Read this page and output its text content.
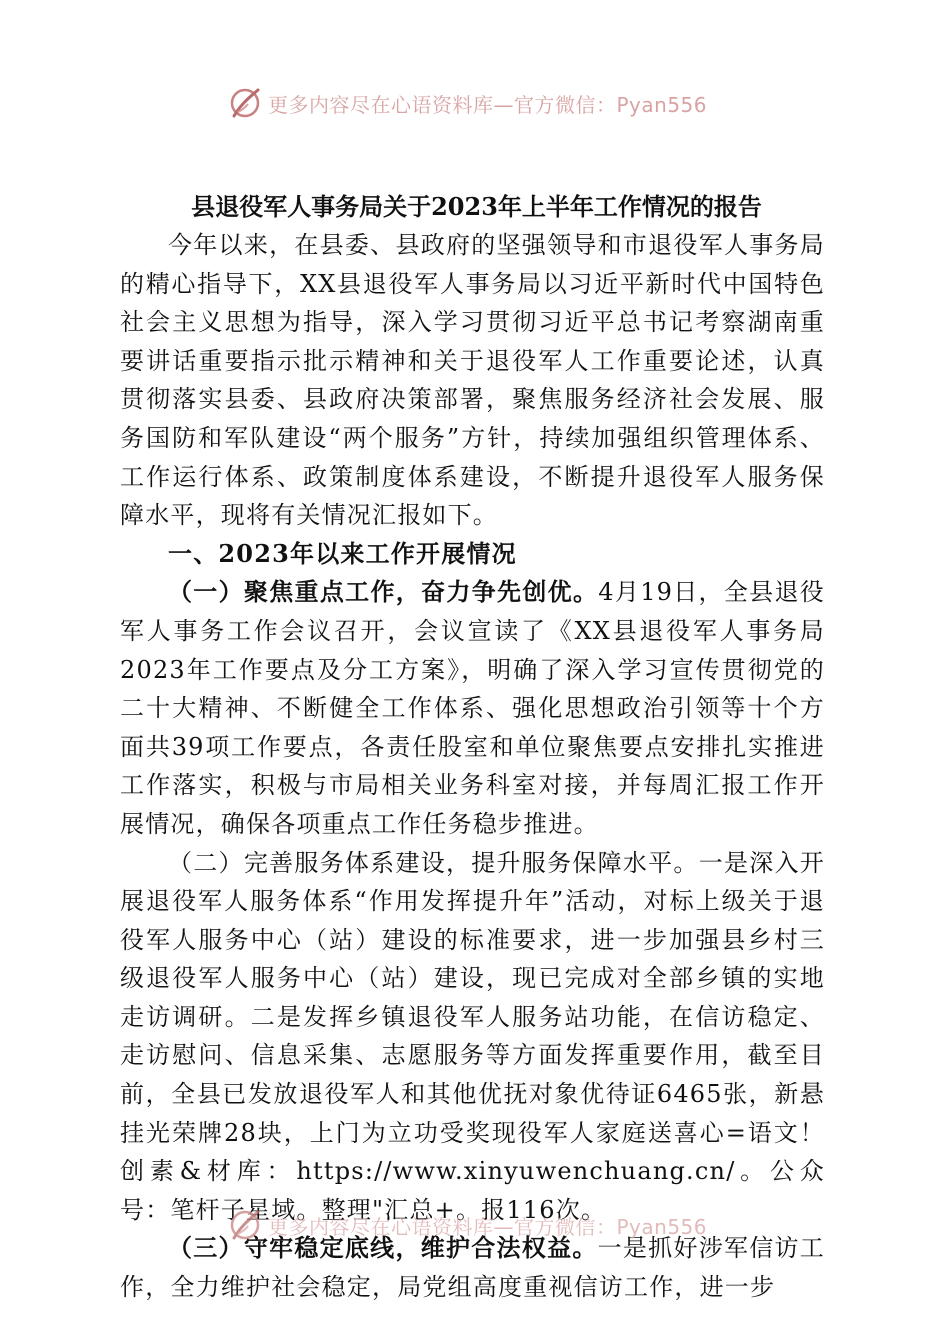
更多内容尽在心语资料库—官方微信：Pyan556
县退役军人事务局关于2023年上半年工作情况的报告

今年以来，在县委、县政府的坚强领导和市退役军人事务局的精心指导下，XX县退役军人事务局以习近平新时代中国特色社会主义思想为指导，深入学习贯彻习近平总书记考察湖南重要讲话重要指示批示精神和关于退役军人工作重要论述，认真贯彻落实县委、县政府决策部署，聚焦服务经济社会发展、服务国防和军队建设“两个服务”方针，持续加强组织管理体系、工作运行体系、政策制度体系建设，不断提升退役军人服务保障水平，现将有关情况汇报如下。

一、2023年以来工作开展情况

（一）聚焦重点工作，奋力争先创优。4月19日，全县退役军人事务工作会议召开，会议宣读了《XX县退役军人事务局2023年工作要点及分工方案》，明确了深入学习宣传贯彻党的二十大精神、不断健全工作体系、强化思想政治引领等十个方面共39项工作要点，各责任股室和单位聚焦要点安排扎实推进工作落实，积极与市局相关业务科室对接，并每周汇报工作开展情况，确保各项重点工作任务稳步推进。

（二）完善服务体系建设，提升服务保障水平。一是深入开展退役军人服务体系“作用发挥提升年”活动，对标上级关于退役军人服务中心（站）建设的标准要求，进一步加强县乡村三级退役军人服务中心（站）建设，现已完成对全部乡镇的实地走访调研。二是发挥乡镇退役军人服务站功能，在信访稳定、走访慰问、信息采集、志愿服务等方面发挥重要作用，截至目前，全县已发放退役军人和其他优抚对象优待证6465张，新悬挂光荣牌28块，上门为立功受奖现役军人家庭送喜心=语文！创素&材库：https://www.xinyuwenchuang.cn/。公众号：笔杆子星域。整理"汇总+。报116次。

（三）守牢稳定底线，维护合法权益。一是抓好涉军信访工作，全力维护社会稳定，局党组高度重视信访工作，进一步

更多内容尽在心语资料库—官方微信：Pyan556
